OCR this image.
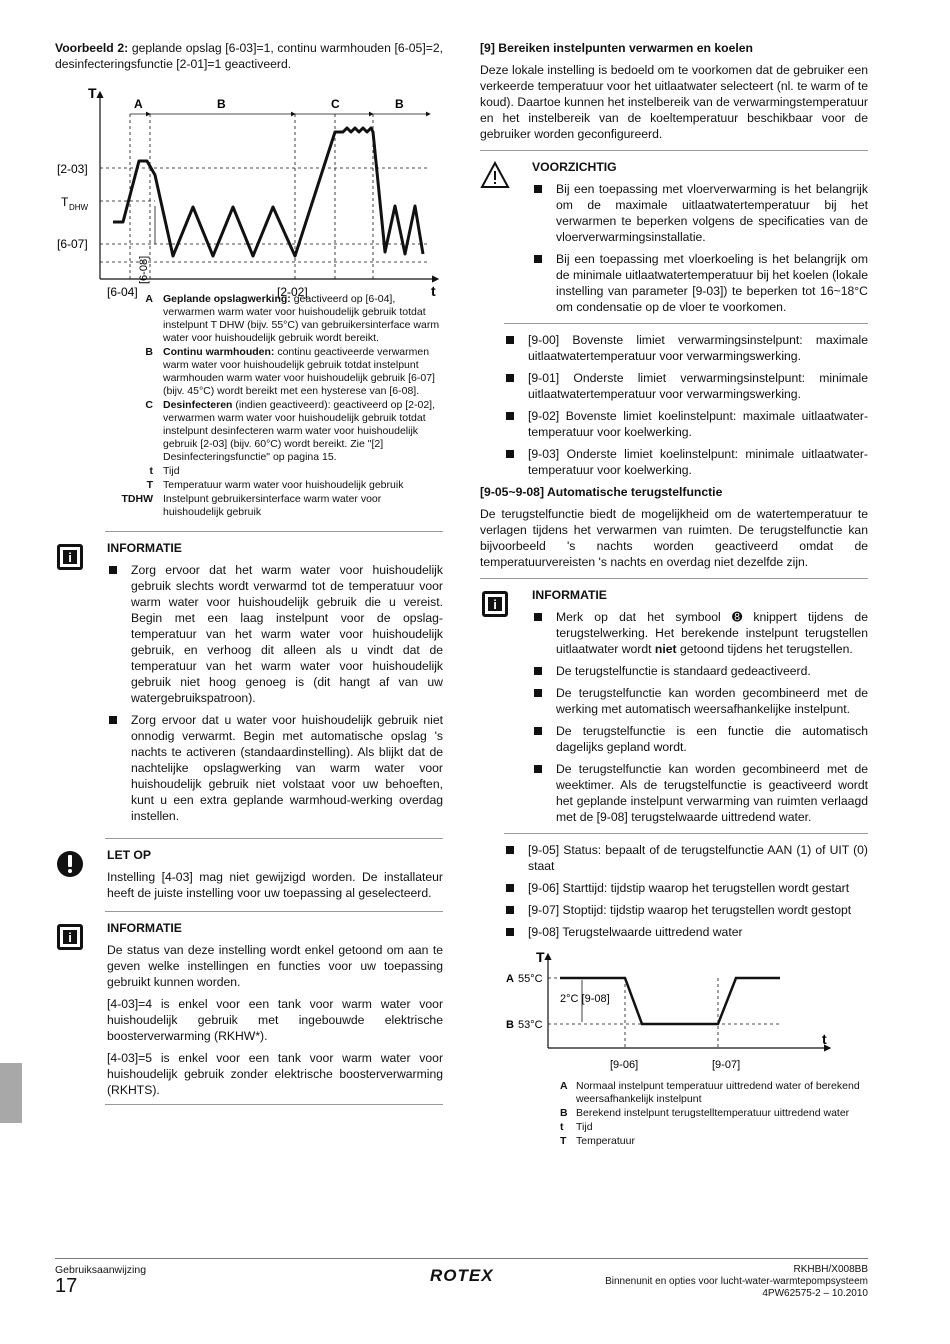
Voorbeeld 2: geplande opslag [6-03]=1, continu warmhouden [6-05]=2, desinfecteringsfunctie [2-01]=1 geactiveerd.

T
t
[2-03]
T DHW
[6-07]
A	B	C	B
[6-08]
[6-04]	[2-02]
A Geplande opslagwerking: geactiveerd op [6-04], verwarmen warm water voor huishoudelijk gebruik totdat instelpunt T DHW (bijv. 55°C) van gebruikersinterface warm water voor huishoudelijk gebruik wordt bereikt.
B Continu warmhouden: continu geactiveerde verwarmen warm water voor huishoudelijk gebruik totdat instelpunt warmhouden warm water voor huishoudelijk gebruik [6-07] (bijv. 45°C) wordt bereikt met een hysterese van [6-08].
C Desinfecteren (indien geactiveerd): geactiveerd op [2-02], verwarmen warm water voor huishoudelijk gebruik totdat instelpunt desinfecteren warm water voor huishoudelijk gebruik [2-03] (bijv. 60°C) wordt bereikt. Zie "[2] Desinfecteringsfunctie" op pagina 15.
t Tijd
T Temperatuur warm water voor huishoudelijk gebruik
TDHW Instelpunt gebruikersinterface warm water voor huishoudelijk gebruik
i
INFORMATIE
Zorg ervoor dat het warm water voor huishoudelijk gebruik slechts wordt verwarmd tot de temperatuur voor warm water voor huishoudelijk gebruik die u vereist. Begin met een laag instelpunt voor de opslag-temperatuur van het warm water voor huishoudelijk gebruik, en verhoog dit alleen als u vindt dat de temperatuur van het warm water voor huishoudelijk gebruik niet hoog genoeg is (dit hangt af van uw watergebruikspatroon).
Zorg ervoor dat u water voor huishoudelijk gebruik niet onnodig verwarmt. Begin met automatische opslag 's nachts te activeren (standaardinstelling). Als blijkt dat de nachtelijke opslagwerking van warm water voor huishoudelijk gebruik niet volstaat voor uw behoeften, kunt u een extra geplande warmhoud-werking overdag instellen.
LET OP

Instelling [4-03] mag niet gewijzigd worden. De installateur heeft de juiste instelling voor uw toepassing al geselecteerd.

i
INFORMATIE

De status van deze instelling wordt enkel getoond om aan te geven welke instellingen en functies voor uw toepassing gebruikt kunnen worden.

[4-03]=4 is enkel voor een tank voor warm water voor huishoudelijk gebruik met ingebouwde elektrische boosterverwarming (RKHW*).

[4-03]=5 is enkel voor een tank voor warm water voor huishoudelijk gebruik zonder elektrische boosterverwarming (RKHTS).

[9] Bereiken instelpunten verwarmen en koelen

Deze lokale instelling is bedoeld om te voorkomen dat de gebruiker een verkeerde temperatuur voor het uitlaatwater selecteert (nl. te warm of te koud). Daartoe kunnen het instelbereik van de verwarmingstemperatuur en het instelbereik van de koeltemperatuur beschikbaar voor de gebruiker worden geconfigureerd.

VOORZICHTIG
Bij een toepassing met vloerverwarming is het belangrijk om de maximale uitlaatwatertemperatuur bij het verwarmen te beperken volgens de specificaties van de vloerverwarmingsinstallatie.
Bij een toepassing met vloerkoeling is het belangrijk om de minimale uitlaatwatertemperatuur bij het koelen (lokale instelling van parameter [9-03]) te beperken tot 16~18°C om condensatie op de vloer te voorkomen.
[9-00] Bovenste limiet verwarmingsinstelpunt: maximale uitlaatwatertemperatuur voor verwarmingswerking.
[9-01] Onderste limiet verwarmingsinstelpunt: minimale uitlaatwatertemperatuur voor verwarmingswerking.
[9-02] Bovenste limiet koelinstelpunt: maximale uitlaatwater-temperatuur voor koelwerking.
[9-03] Onderste limiet koelinstelpunt: minimale uitlaatwater-temperatuur voor koelwerking.
[9-05~9-08] Automatische terugstelfunctie

De terugstelfunctie biedt de mogelijkheid om de watertemperatuur te verlagen tijdens het verwarmen van ruimten. De terugstelfunctie kan bijvoorbeeld 's nachts worden geactiveerd omdat de temperatuurvereisten 's nachts en overdag niet dezelfde zijn.

i
INFORMATIE
Merk op dat het symbool ➑ knippert tijdens de terugstelwerking. Het berekende instelpunt terugstellen uitlaatwater wordt niet getoond tijdens het terugstellen.
De terugstelfunctie is standaard gedeactiveerd.
De terugstelfunctie kan worden gecombineerd met de werking met automatisch weersafhankelijke instelpunt.
De terugstelfunctie is een functie die automatisch dagelijks gepland wordt.
De terugstelfunctie kan worden gecombineerd met de weektimer. Als de terugstelfunctie is geactiveerd wordt het geplande instelpunt verwarming van ruimten verlaagd met de [9-08] terugstelwaarde uittredend water.
[9-05] Status: bepaalt of de terugstelfunctie AAN (1) of UIT (0) staat
[9-06] Starttijd: tijdstip waarop het terugstellen wordt gestart
[9-07] Stoptijd: tijdstip waarop het terugstellen wordt gestopt
[9-08] Terugstelwaarde uittredend water
T
t
A 55°C
B 53°C
2°C [9-08]
[9-06]	[9-07]
A Normaal instelpunt temperatuur uittredend water of berekend weersafhankelijk instelpunt
B Berekend instelpunt terugstelltemperatuur uittredend water
t	Tijd
T Temperatuur
Gebruiksaanwijzing
17	ROTEX	RKHBH/X008BB
Binnenunit en opties voor lucht-water-warmtepompsysteem
4PW62575-2 – 10.2010
